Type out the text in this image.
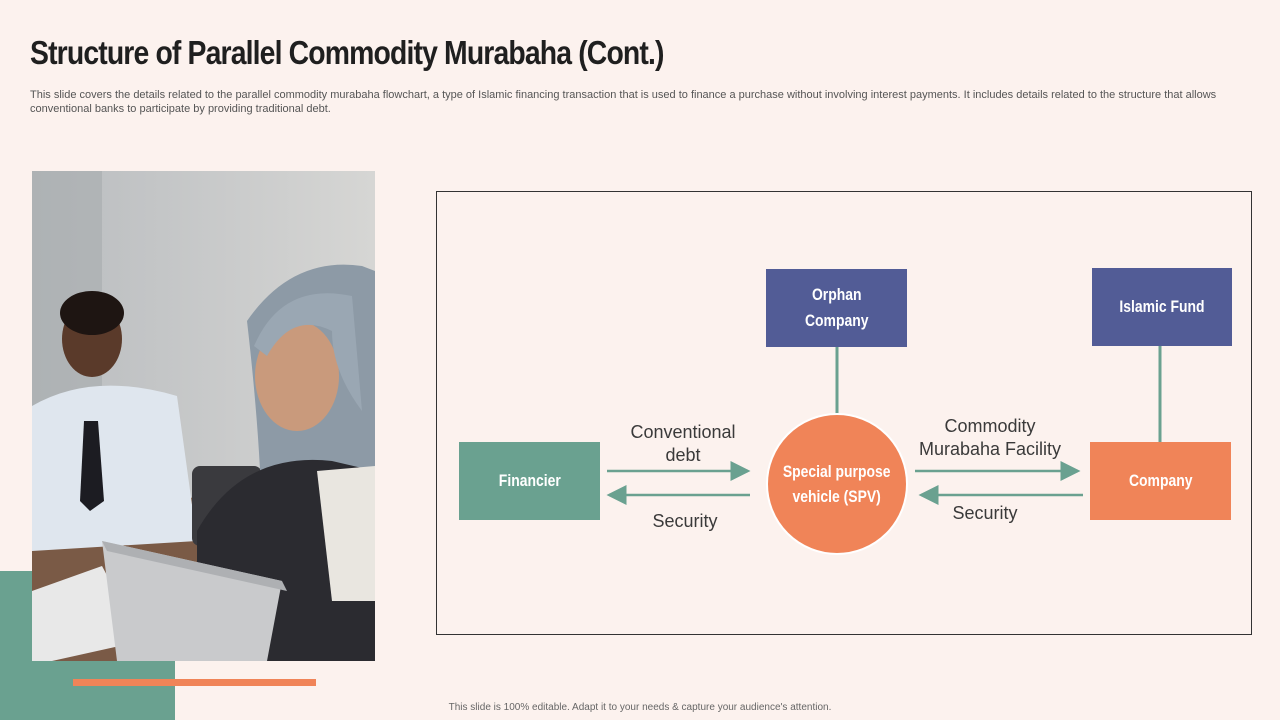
Structure of Parallel Commodity Murabaha (Cont.)

This slide covers the details related to the parallel commodity murabaha flowchart, a type of Islamic financing transaction that is used to finance a purchase without involving interest payments. It includes details related to the structure that allows conventional banks to participate by providing traditional debt.

Orphan
Company
Islamic Fund
Financier	Special purpose
vehicle (SPV)
Company
Conventional
debt
Security
Commodity
Murabaha Facility
Security
This slide is 100% editable. Adapt it to your needs & capture your audience's attention.
